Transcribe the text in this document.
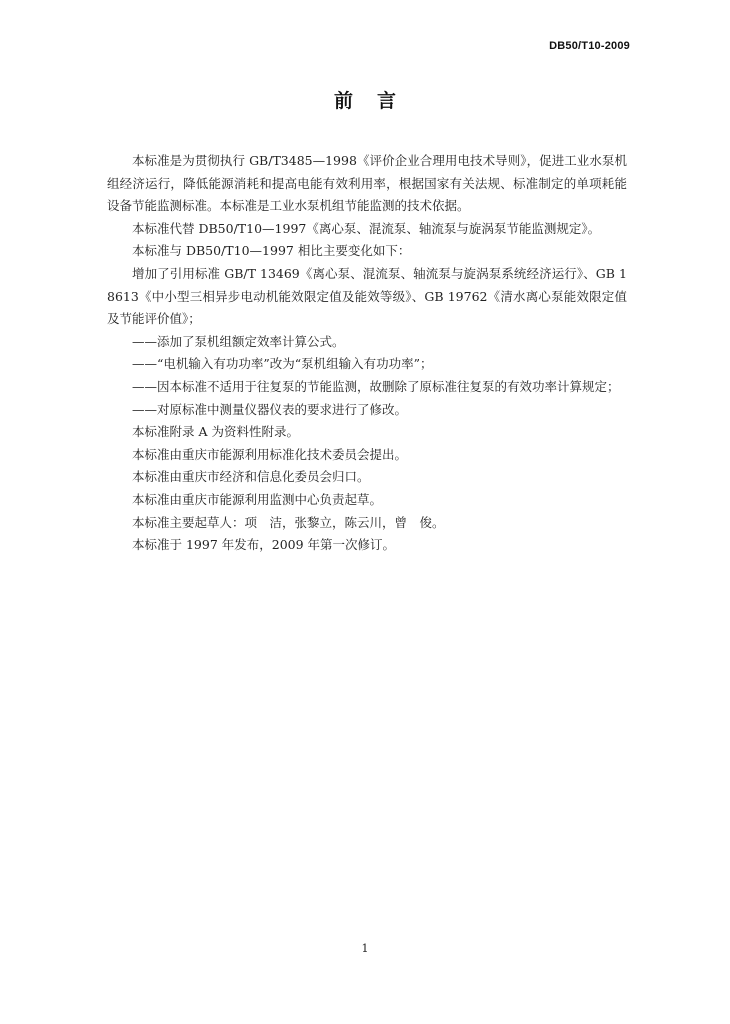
DB50/T10-2009
前言

本标准是为贯彻执行 GB/T3485—1998《评价企业合理用电技术导则》，促进工业水泵机组经济运行，降低能源消耗和提高电能有效利用率，根据国家有关法规、标准制定的单项耗能设备节能监测标准。本标准是工业水泵机组节能监测的技术依据。

本标准代替 DB50/T10—1997《离心泵、混流泵、轴流泵与旋涡泵节能监测规定》。

本标准与 DB50/T10—1997 相比主要变化如下：

增加了引用标准 GB/T 13469《离心泵、混流泵、轴流泵与旋涡泵系统经济运行》、GB 18613《中小型三相异步电动机能效限定值及能效等级》、GB 19762《清水离心泵能效限定值及节能评价值》；

——添加了泵机组额定效率计算公式。

——“电机输入有功功率”改为“泵机组输入有功功率”；

——因本标准不适用于往复泵的节能监测，故删除了原标准往复泵的有效功率计算规定；

——对原标准中测量仪器仪表的要求进行了修改。

本标准附录 A 为资料性附录。

本标准由重庆市能源利用标准化技术委员会提出。

本标准由重庆市经济和信息化委员会归口。

本标准由重庆市能源利用监测中心负责起草。

本标准主要起草人：项　洁，张黎立，陈云川，曾　俊。

本标准于 1997 年发布，2009 年第一次修订。

1
